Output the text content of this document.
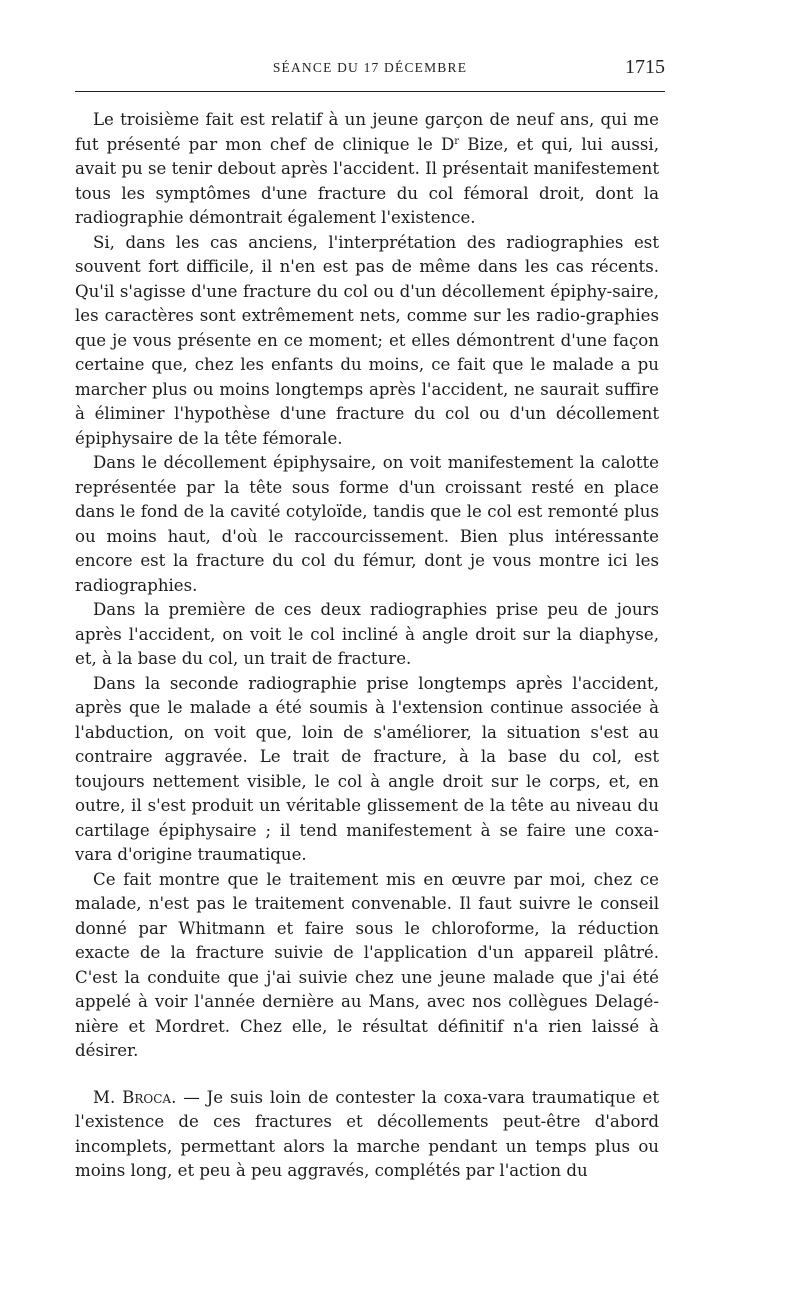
SÉANCE DU 17 DÉCEMBRE	1715

Le troisième fait est relatif à un jeune garçon de neuf ans, qui me fut présenté par mon chef de clinique le $D^r$ Bize, et qui, lui aussi, avait pu se tenir debout après l'accident. Il présentait manifestement tous les symptômes d'une fracture du col fémoral droit, dont la radiographie démontrait également l'existence.

Si, dans les cas anciens, l'interprétation des radiographies est souvent fort difficile, il n'en est pas de même dans les cas récents. Qu'il s'agisse d'une fracture du col ou d'un décollement épiphy-saire, les caractères sont extrêmement nets, comme sur les radio-graphies que je vous présente en ce moment; et elles démontrent d'une façon certaine que, chez les enfants du moins, ce fait que le malade a pu marcher plus ou moins longtemps après l'accident, ne saurait suffire à éliminer l'hypothèse d'une fracture du col ou d'un décollement épiphysaire de la tête fémorale.

Dans le décollement épiphysaire, on voit manifestement la calotte représentée par la tête sous forme d'un croissant resté en place dans le fond de la cavité cotyloïde, tandis que le col est remonté plus ou moins haut, d'où le raccourcissement. Bien plus intéressante encore est la fracture du col du fémur, dont je vous montre ici les radiographies.

Dans la première de ces deux radiographies prise peu de jours après l'accident, on voit le col incliné à angle droit sur la diaphyse, et, à la base du col, un trait de fracture.

Dans la seconde radiographie prise longtemps après l'accident, après que le malade a été soumis à l'extension continue associée à l'abduction, on voit que, loin de s'améliorer, la situation s'est au contraire aggravée. Le trait de fracture, à la base du col, est toujours nettement visible, le col à angle droit sur le corps, et, en outre, il s'est produit un véritable glissement de la tête au niveau du cartilage épiphysaire ; il tend manifestement à se faire une coxa-vara d'origine traumatique.

Ce fait montre que le traitement mis en œuvre par moi, chez ce malade, n'est pas le traitement convenable. Il faut suivre le conseil donné par Whitmann et faire sous le chloroforme, la réduction exacte de la fracture suivie de l'application d'un appareil plâtré. C'est la conduite que j'ai suivie chez une jeune malade que j'ai été appelé à voir l'année dernière au Mans, avec nos collègues Delagé-nière et Mordret. Chez elle, le résultat définitif n'a rien laissé à désirer.

M. Broca. — Je suis loin de contester la coxa-vara traumatique et l'existence de ces fractures et décollements peut-être d'abord incomplets, permettant alors la marche pendant un temps plus ou moins long, et peu à peu aggravés, complétés par l'action du
